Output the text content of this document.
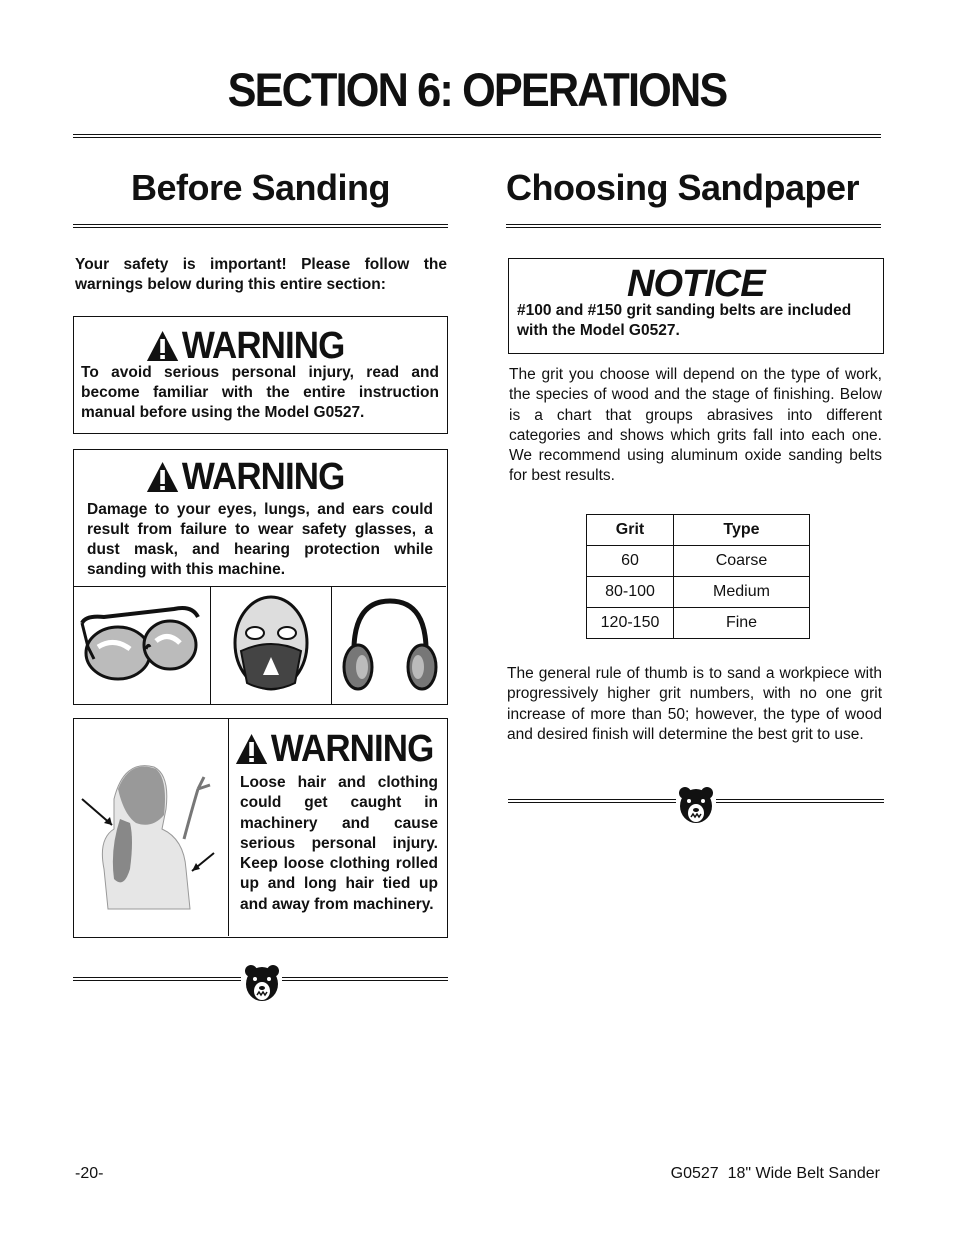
SECTION 6: OPERATIONS
Before Sanding

Your safety is important! Please follow the warnings below during this entire section:

WARNING

To avoid serious personal injury, read and become familiar with the entire instruction manual before using the Model G0527.

WARNING

Damage to your eyes, lungs, and ears could result from failure to wear safety glasses, a dust mask, and hearing protection while sanding with this machine.

WARNING

Loose hair and clothing could get caught in machinery and cause serious personal injury. Keep loose clothing rolled up and long hair tied up and away from machinery.

Choosing Sandpaper
NOTICE

#100 and #150 grit sanding belts are included with the Model G0527.

The grit you choose will depend on the type of work, the species of wood and the stage of finishing. Below is a chart that groups abrasives into different categories and shows which grits fall into each one. We recommend using aluminum oxide sanding belts for best results.

Grit	Type
60	Coarse
80-100	Medium
120-150	Fine

The general rule of thumb is to sand a workpiece with progressively higher grit numbers, with no one grit increase of more than 50; however, the type of wood and desired finish will determine the best grit to use.

-20-	G0527  18" Wide Belt Sander
